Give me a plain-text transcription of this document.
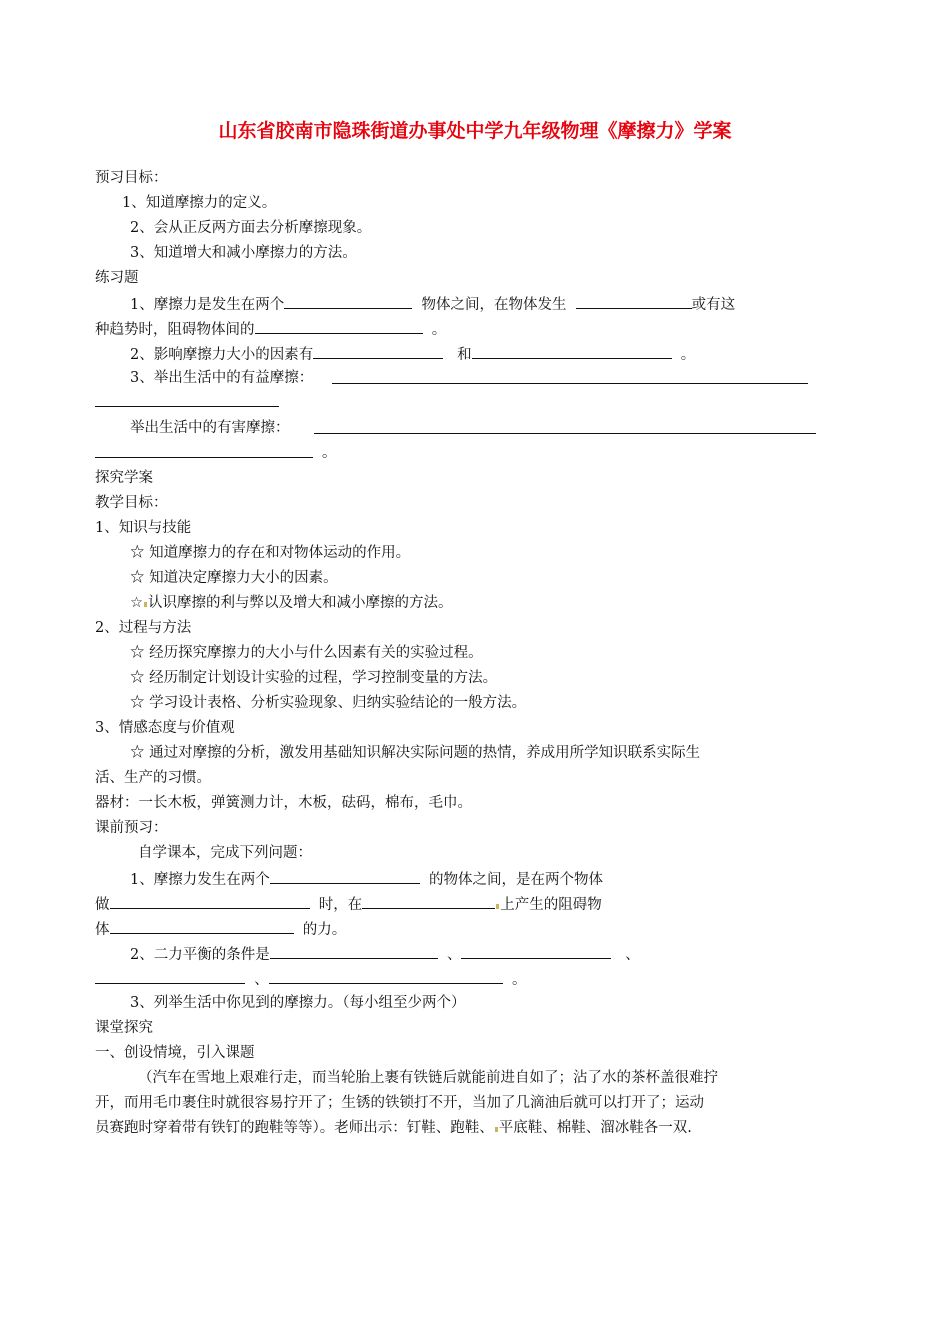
山东省胶南市隐珠街道办事处中学九年级物理《摩擦力》学案
预习目标：
1、知道摩擦力的定义。
2、会从正反两方面去分析摩擦现象。
3、知道增大和减小摩擦力的方法。
练习题
1、摩擦力是发生在两个	物体之间，在物体发生	或有这
种趋势时，阻碍物体间的	。
2、影响摩擦力大小的因素有	和	。
3、举出生活中的有益摩擦：
举出生活中的有害摩擦：
。
探究学案
教学目标：
1、知识与技能
☆ 知道摩擦力的存在和对物体运动的作用。
☆ 知道决定摩擦力大小的因素。
☆ 认识摩擦的利与弊以及增大和减小摩擦的方法。
2、过程与方法
☆ 经历探究摩擦力的大小与什么因素有关的实验过程。
☆ 经历制定计划设计实验的过程，学习控制变量的方法。
☆ 学习设计表格、分析实验现象、归纳实验结论的一般方法。
3、情感态度与价值观
☆ 通过对摩擦的分析，激发用基础知识解决实际问题的热情，养成用所学知识联系实际生
活、生产的习惯。
器材：一长木板，弹簧测力计，木板，砝码，棉布，毛巾。
课前预习：
自学课本，完成下列问题：
1、摩擦力发生在两个	的物体之间，是在两个物体
做	时，在	上产生的阻碍物
体	的力。
2、二力平衡的条件是	、	、
、	。
3、列举生活中你见到的摩擦力。（每小组至少两个）
课堂探究
一、创设情境，引入课题
（汽车在雪地上艰难行走，而当轮胎上裹有铁链后就能前进自如了；沾了水的茶杯盖很难拧
开，而用毛巾裹住时就很容易拧开了；生锈的铁锁打不开，当加了几滴油后就可以打开了；运动
员赛跑时穿着带有铁钉的跑鞋等等）。老师出示：钉鞋、跑鞋、 平底鞋、棉鞋、溜冰鞋各一双.
